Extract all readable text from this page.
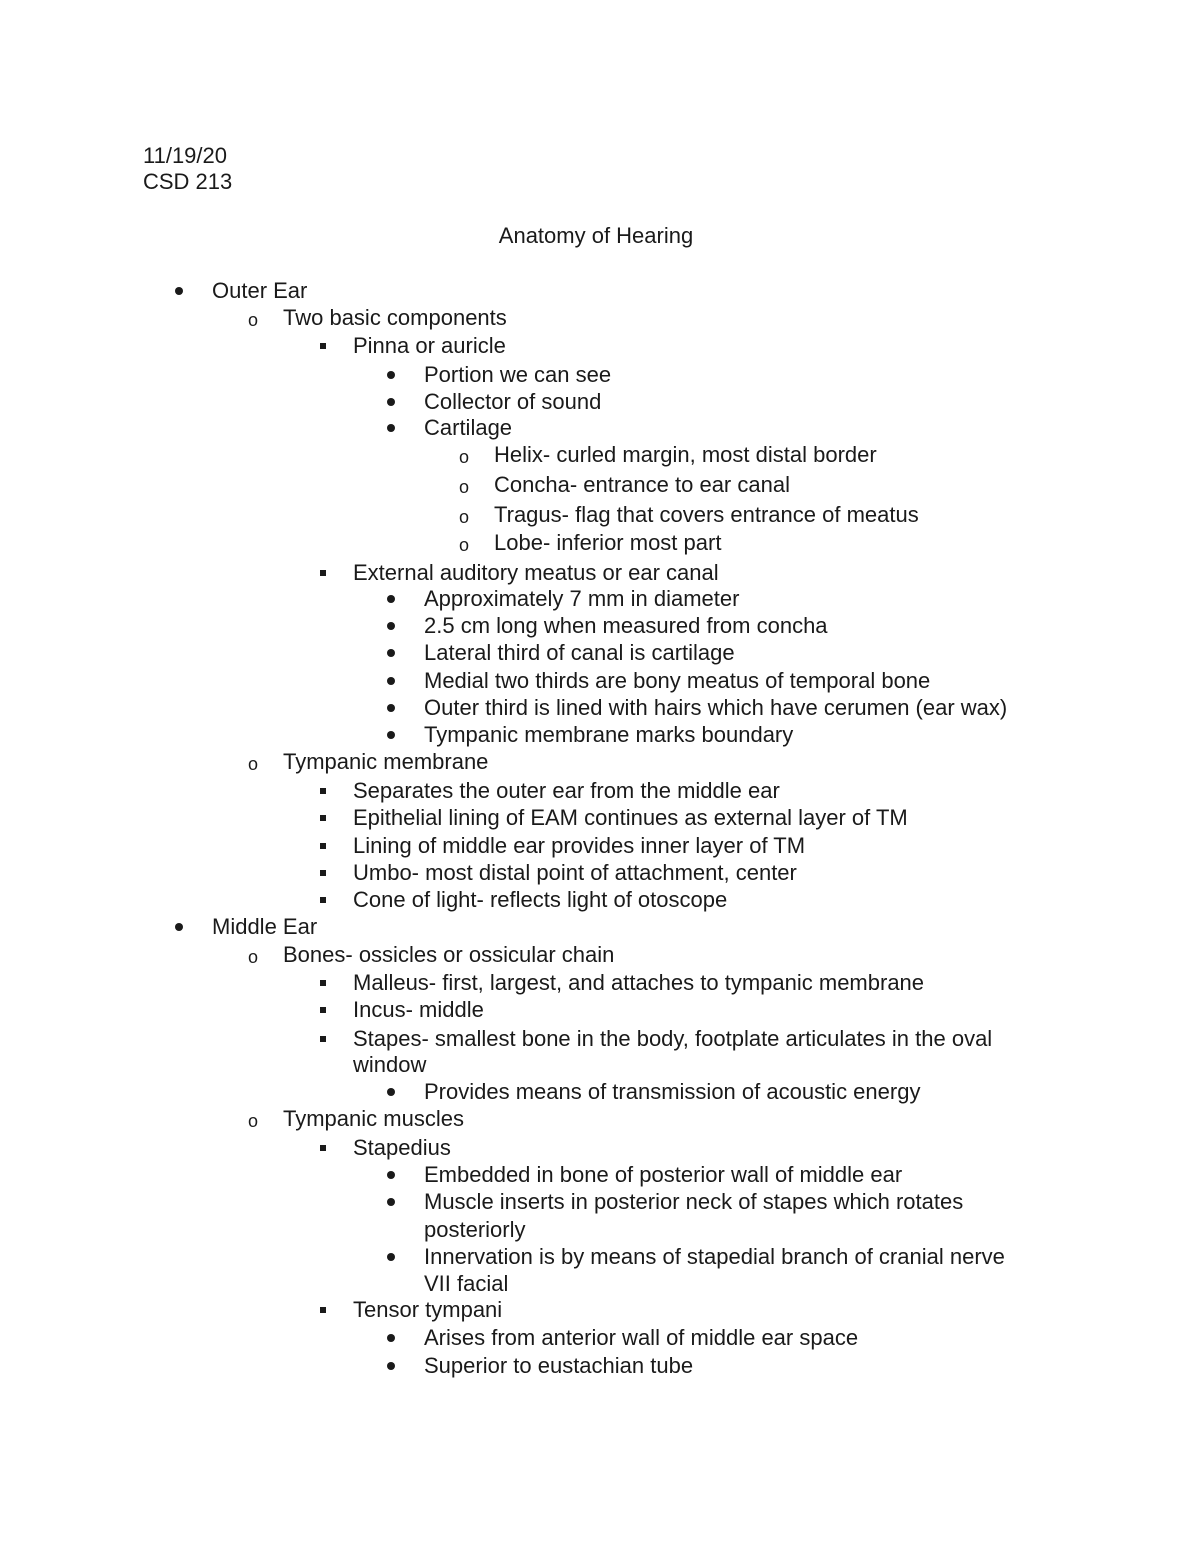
11/19/20
CSD 213
Anatomy of Hearing
Outer Ear
o Two basic components
Pinna or auricle
Portion we can see
Collector of sound
Cartilage
o Helix- curled margin, most distal border
o Concha- entrance to ear canal
o Tragus- flag that covers entrance of meatus
o Lobe- inferior most part
External auditory meatus or ear canal
Approximately 7 mm in diameter
2.5 cm long when measured from concha
Lateral third of canal is cartilage
Medial two thirds are bony meatus of temporal bone
Outer third is lined with hairs which have cerumen (ear wax)
Tympanic membrane marks boundary
o Tympanic membrane
Separates the outer ear from the middle ear
Epithelial lining of EAM continues as external layer of TM
Lining of middle ear provides inner layer of TM
Umbo- most distal point of attachment, center
Cone of light- reflects light of otoscope
Middle Ear
o Bones- ossicles or ossicular chain
Malleus- first, largest, and attaches to tympanic membrane
Incus- middle
Stapes- smallest bone in the body, footplate articulates in the oval
window
Provides means of transmission of acoustic energy
o Tympanic muscles
Stapedius
Embedded in bone of posterior wall of middle ear
Muscle inserts in posterior neck of stapes which rotates
posteriorly
Innervation is by means of stapedial branch of cranial nerve
VII facial
Tensor tympani
Arises from anterior wall of middle ear space
Superior to eustachian tube
